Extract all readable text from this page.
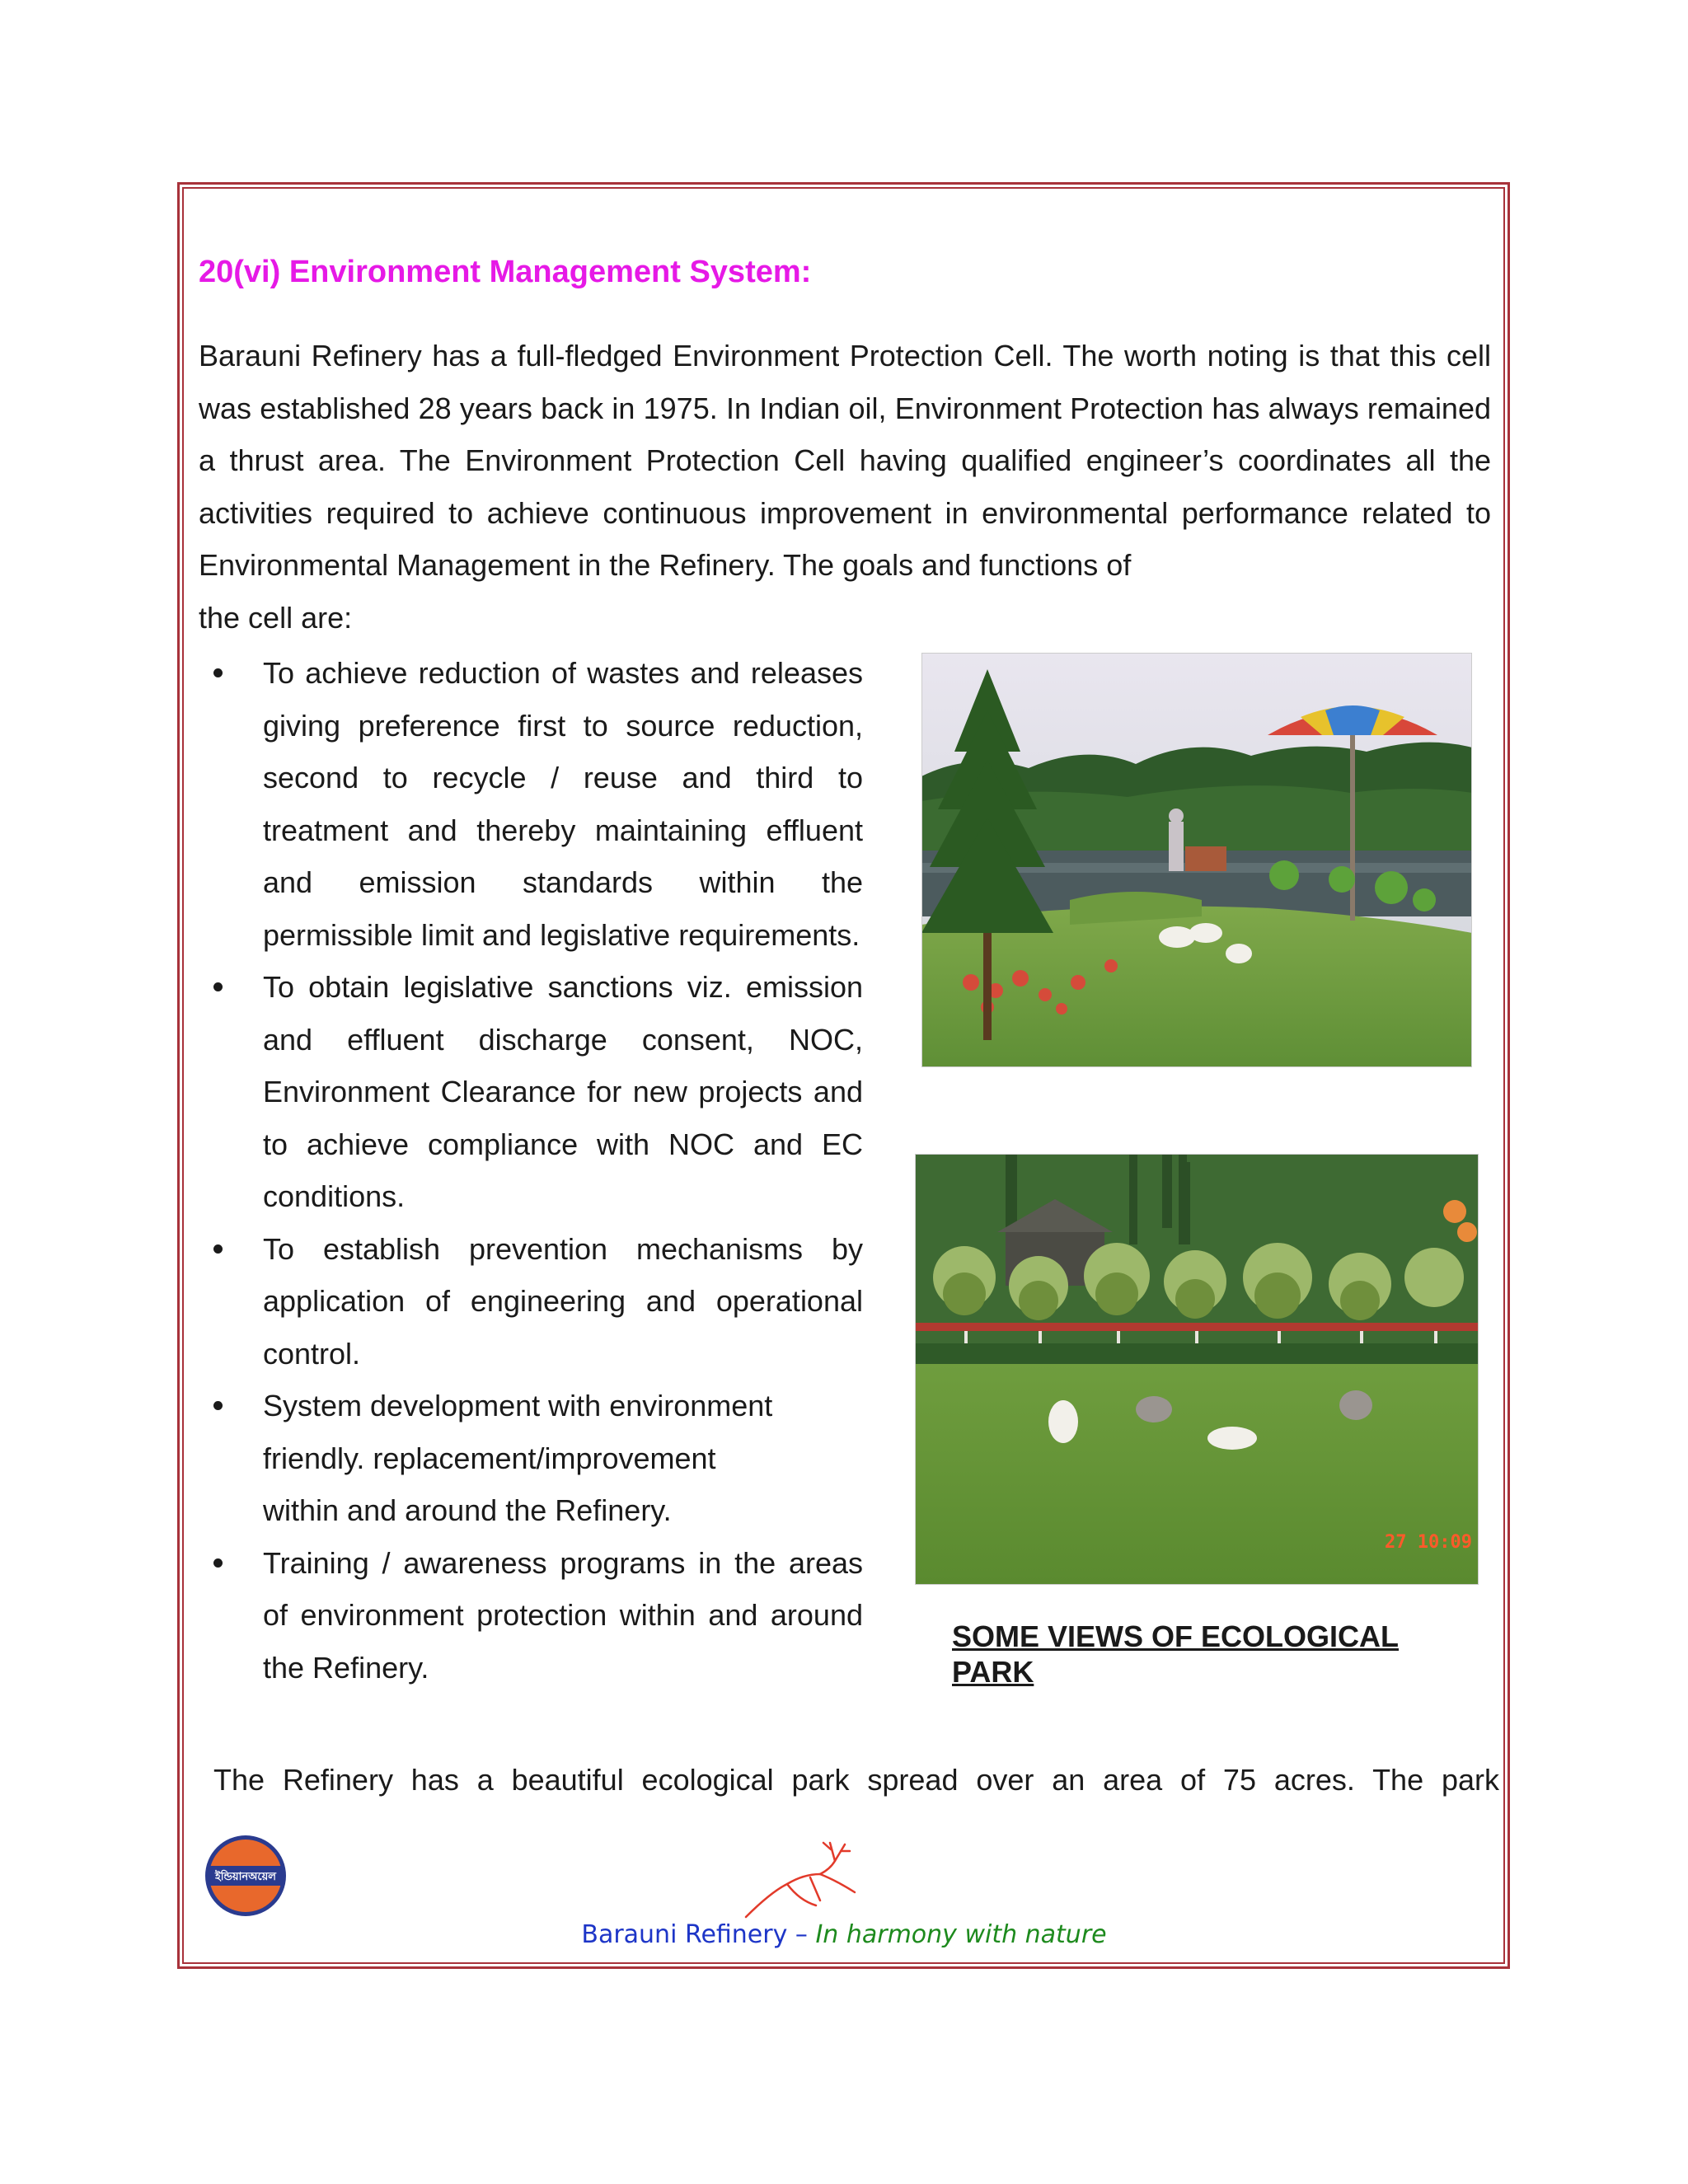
20(vi) Environment Management System:

Barauni Refinery has a full-fledged Environment Protection Cell. The worth noting is that this cell was established 28 years back in 1975. In Indian oil, Environment Protection has always remained a thrust area. The Environment Protection Cell having qualified engineer’s coordinates all the activities required to achieve continuous improvement in environmental performance related to Environmental Management in the Refinery. The goals and functions of

the cell are:

To achieve reduction of wastes and releases giving preference first to source reduction, second to recycle / reuse and third to treatment and thereby maintaining effluent and emission standards within the permissible limit and legislative requirements.
To obtain legislative sanctions viz. emission and effluent discharge consent, NOC, Environment Clearance for new projects and to achieve compliance with NOC and EC conditions.
To establish prevention mechanisms by application of engineering and operational control.
System development with environment friendly. replacement/improvement within and around the Refinery.
Training / awareness programs in the areas of environment protection within and around the Refinery.
27 10:09

SOME VIEWS OF ECOLOGICAL PARK

The Refinery has a beautiful ecological park spread over an area of 75 acres. The park

ইন্ডিয়ানঅয়েল

Barauni Refinery – In harmony with nature
